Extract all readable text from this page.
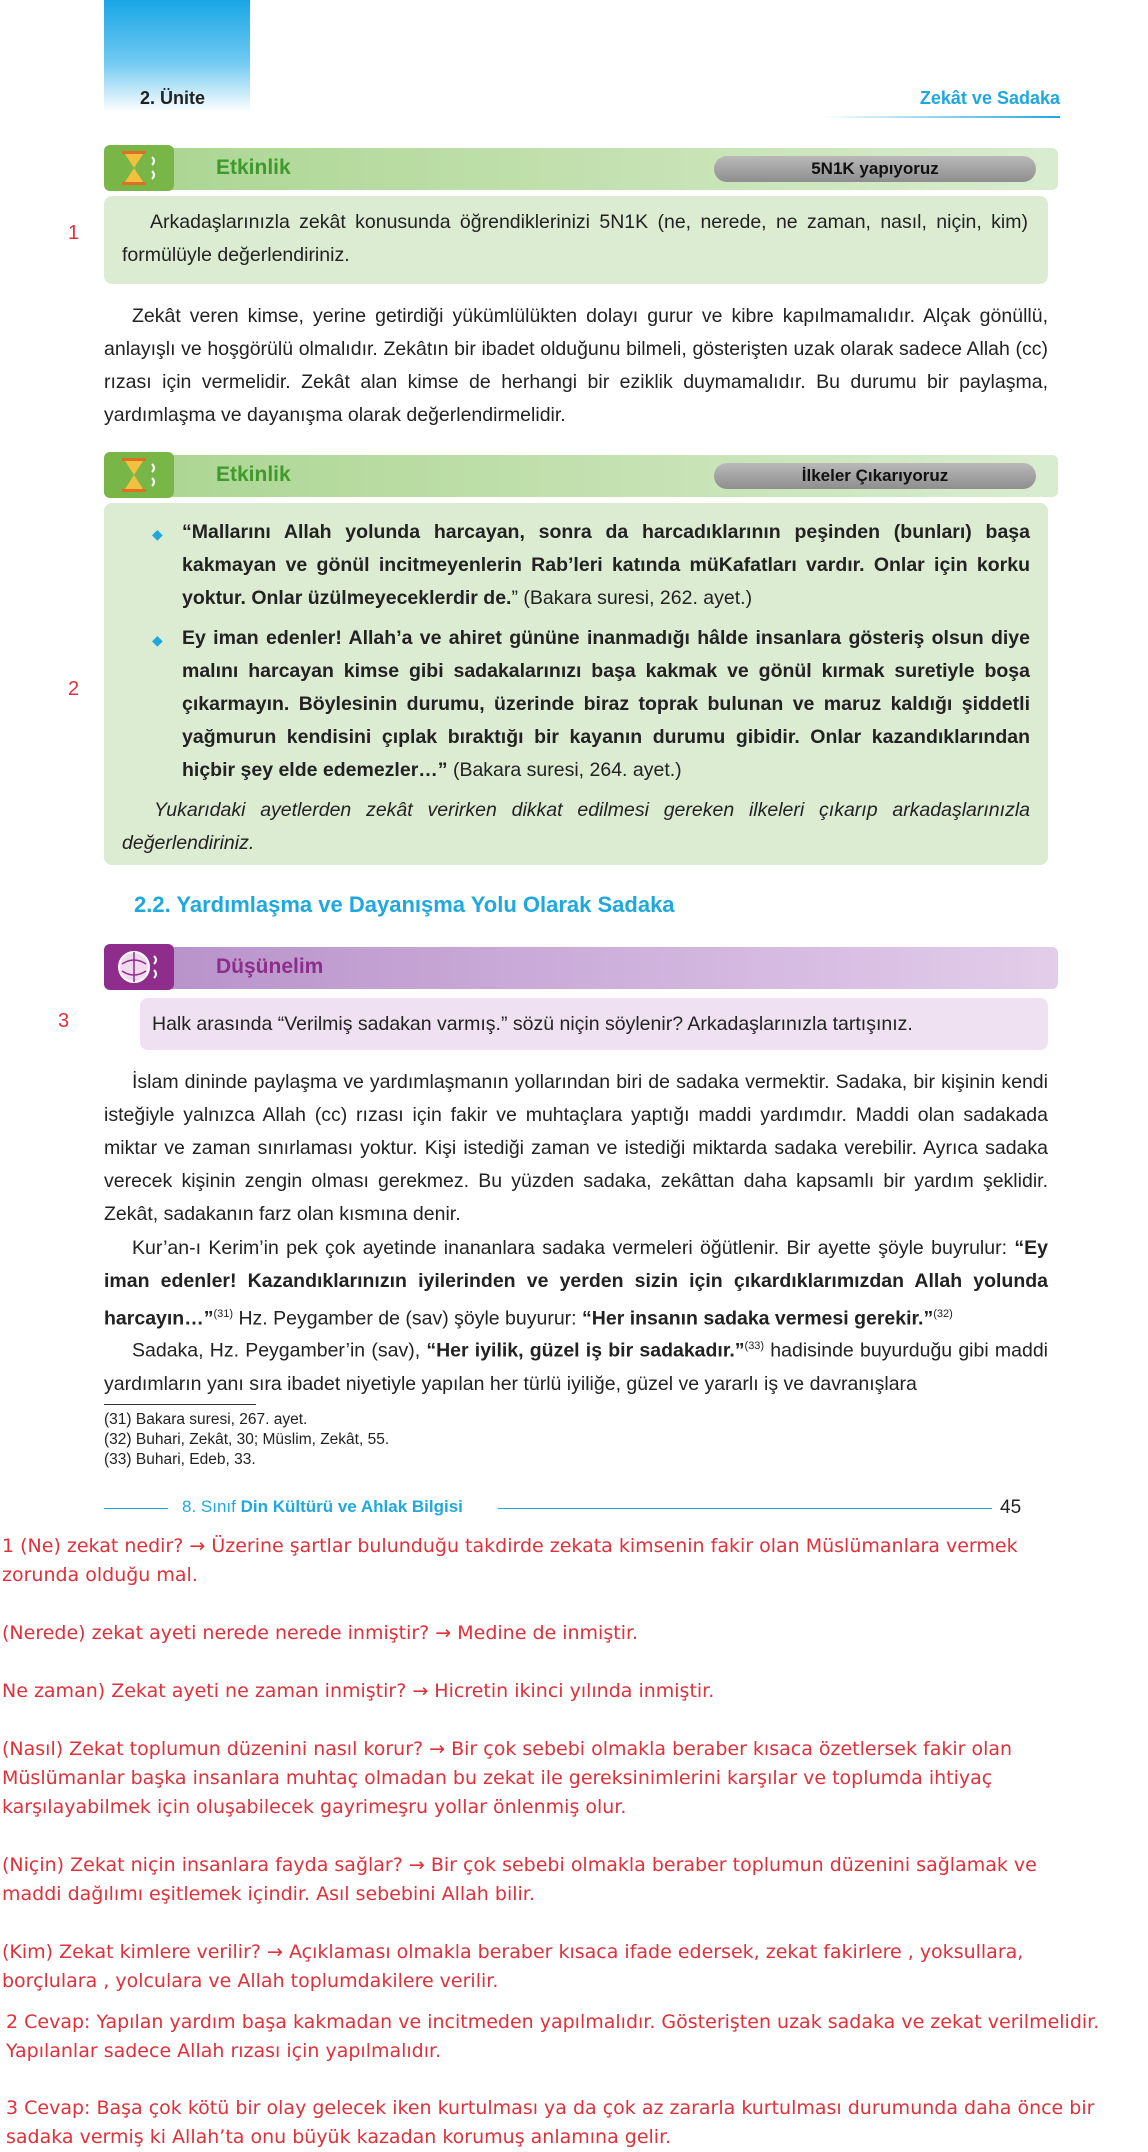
2. Ünite	Zekât ve Sadaka
Etkinlik	5N1K yapıyoruz
1	Arkadaşlarınızla zekât konusunda öğrendiklerinizi 5N1K (ne, nerede, ne zaman, nasıl, niçin, kim) formülüyle değerlendiriniz.
Zekât veren kimse, yerine getirdiği yükümlülükten dolayı gurur ve kibre kapılmamalıdır. Alçak gönüllü, anlayışlı ve hoşgörülü olmalıdır. Zekâtın bir ibadet olduğunu bilmeli, gösterişten uzak olarak sadece Allah (cc) rızası için vermelidir. Zekât alan kimse de herhangi bir eziklik duymamalıdır. Bu durumu bir paylaşma, yardımlaşma ve dayanışma olarak değerlendirmelidir.
Etkinlik	İlkeler Çıkarıyoruz
2
◆ “Mallarını Allah yolunda harcayan, sonra da harcadıklarının peşinden (bunları) başa kakmayan ve gönül incitmeyenlerin Rab’leri katında müKafatları vardır. Onlar için korku yoktur. Onlar üzülmeyeceklerdir de.” (Bakara suresi, 262. ayet.)
◆ Ey iman edenler! Allah’a ve ahiret gününe inanmadığı hâlde insanlara gösteriş olsun diye malını harcayan kimse gibi sadakalarınızı başa kakmak ve gönül kırmak suretiyle boşa çıkarmayın. Böylesinin durumu, üzerinde biraz toprak bulunan ve maruz kaldığı şiddetli yağmurun kendisini çıplak bıraktığı bir kayanın durumu gibidir. Onlar kazandıklarından hiçbir şey elde edemezler…” (Bakara suresi, 264. ayet.)
Yukarıdaki ayetlerden zekât verirken dikkat edilmesi gereken ilkeleri çıkarıp arkadaşlarınızla değerlendiriniz.
2.2. Yardımlaşma ve Dayanışma Yolu Olarak Sadaka
Düşünelim
3	Halk arasında “Verilmiş sadakan varmış.” sözü niçin söylenir? Arkadaşlarınızla tartışınız.
İslam dininde paylaşma ve yardımlaşmanın yollarından biri de sadaka vermektir. Sadaka, bir kişinin kendi isteğiyle yalnızca Allah (cc) rızası için fakir ve muhtaçlara yaptığı maddi yardımdır. Maddi olan sadakada miktar ve zaman sınırlaması yoktur. Kişi istediği zaman ve istediği miktarda sadaka verebilir. Ayrıca sadaka verecek kişinin zengin olması gerekmez. Bu yüzden sadaka, zekâttan daha kapsamlı bir yardım şeklidir. Zekât, sadakanın farz olan kısmına denir.
Kur’an-ı Kerim’in pek çok ayetinde inananlara sadaka vermeleri öğütlenir. Bir ayette şöyle buyrulur: “Ey iman edenler! Kazandıklarınızın iyilerinden ve yerden sizin için çıkardıklarımızdan Allah yolunda harcayın…”$^{(31)}$ Hz. Peygamber de (sav) şöyle buyurur: “Her insanın sadaka vermesi gerekir.”$^{(32)}$
Sadaka, Hz. Peygamber’in (sav), “Her iyilik, güzel iş bir sadakadır.”$^{(33)}$ hadisinde buyurduğu gibi maddi yardımların yanı sıra ibadet niyetiyle yapılan her türlü iyiliğe, güzel ve yararlı iş ve davranışlara
(31) Bakara suresi, 267. ayet.
(32) Buhari, Zekât, 30; Müslim, Zekât, 55.
(33) Buhari, Edeb, 33.
8. Sınıf Din Kültürü ve Ahlak Bilgisi	45
1 (Ne) zekat nedir? → Üzerine şartlar bulunduğu takdirde zekata kimsenin fakir olan Müslümanlara vermek zorunda olduğu mal.
(Nerede) zekat ayeti nerede nerede inmiştir? → Medine de inmiştir.
Ne zaman) Zekat ayeti ne zaman inmiştir? → Hicretin ikinci yılında inmiştir.
(Nasıl) Zekat toplumun düzenini nasıl korur? → Bir çok sebebi olmakla beraber kısaca özetlersek fakir olan Müslümanlar başka insanlara muhtaç olmadan bu zekat ile gereksinimlerini karşılar ve toplumda ihtiyaç karşılayabilmek için oluşabilecek gayrimeşru yollar önlenmiş olur.
(Niçin) Zekat niçin insanlara fayda sağlar? → Bir çok sebebi olmakla beraber toplumun düzenini sağlamak ve maddi dağılımı eşitlemek içindir. Asıl sebebini Allah bilir.
(Kim) Zekat kimlere verilir? → Açıklaması olmakla beraber kısaca ifade edersek, zekat fakirlere , yoksullara, borçlulara , yolculara ve Allah toplumdakilere verilir.
2 Cevap: Yapılan yardım başa kakmadan ve incitmeden yapılmalıdır. Gösterişten uzak sadaka ve zekat verilmelidir. Yapılanlar sadece Allah rızası için yapılmalıdır.
3 Cevap: Başa çok kötü bir olay gelecek iken kurtulması ya da çok az zararla kurtulması durumunda daha önce bir sadaka vermiş ki Allah’ta onu büyük kazadan korumuş anlamına gelir.
